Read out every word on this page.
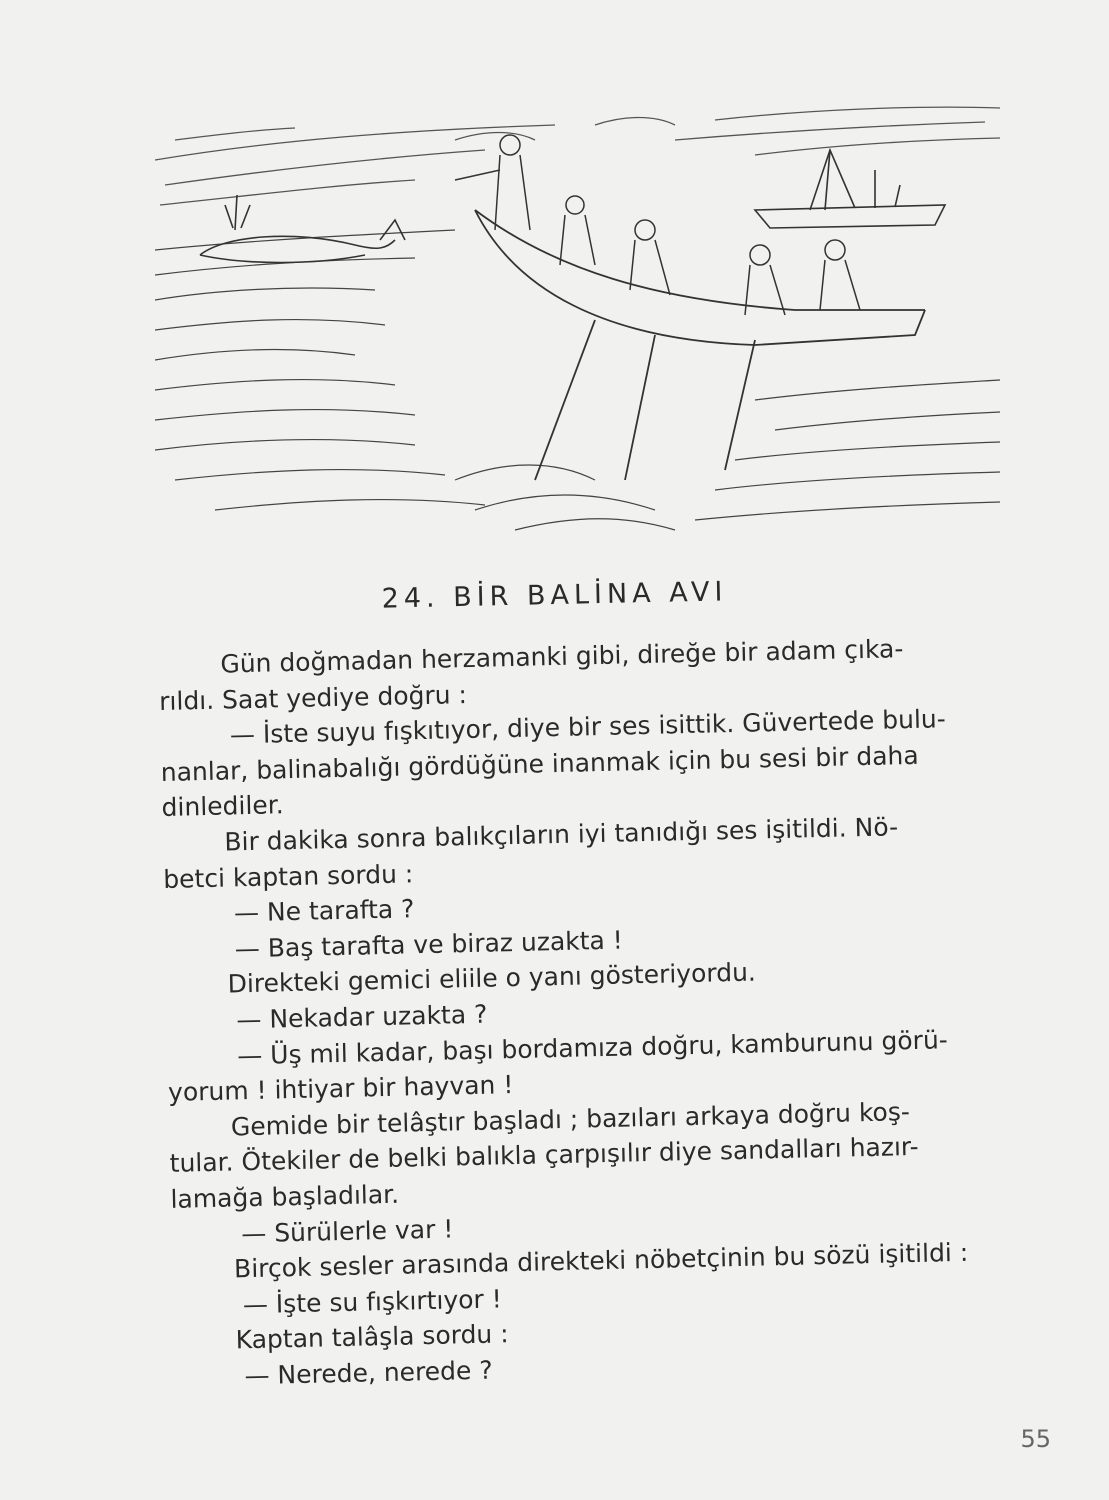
24. BİR BALİNA AVI
Gün doğmadan herzamanki gibi, direğe bir adam çıka-
rıldı. Saat yediye doğru :
— İste suyu fışkıtıyor, diye bir ses isittik. Güvertede bulu-
nanlar, balinabalığı gördüğüne inanmak için bu sesi bir daha
dinlediler.
Bir dakika sonra balıkçıların iyi tanıdığı ses işitildi. Nö-
betci kaptan sordu :
— Ne tarafta ?
— Baş tarafta ve biraz uzakta !
Direkteki gemici eliile o yanı gösteriyordu.
— Nekadar uzakta ?
— Üş mil kadar, başı bordamıza doğru, kamburunu görü-
yorum ! ihtiyar bir hayvan !
Gemide bir telâştır başladı ; bazıları arkaya doğru koş-
tular. Ötekiler de belki balıkla çarpışılır diye sandalları hazır-
lamağa başladılar.
— Sürülerle var !
Birçok sesler arasında direkteki nöbetçinin bu sözü işitildi :
— İşte su fışkırtıyor !
Kaptan talâşla sordu :
— Nerede, nerede ?
55
